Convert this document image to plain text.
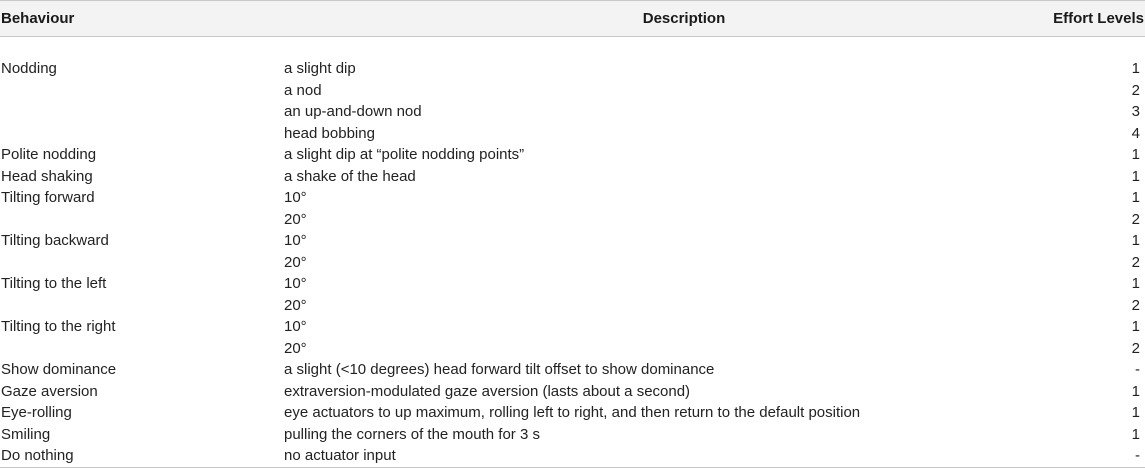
Behaviour	Description	Effort Levels

Nodding	a slight dip	1
	a nod	2
	an up-and-down nod	3
	head bobbing	4
Polite nodding	a slight dip at “polite nodding points”	1
Head shaking	a shake of the head	1
Tilting forward	10°	1
	20°	2
Tilting backward	10°	1
	20°	2
Tilting to the left	10°	1
	20°	2
Tilting to the right	10°	1
	20°	2
Show dominance	a slight (<10 degrees) head forward tilt offset to show dominance	-
Gaze aversion	extraversion-modulated gaze aversion (lasts about a second)	1
Eye-rolling	eye actuators to up maximum, rolling left to right, and then return to the default position	1
Smiling	pulling the corners of the mouth for 3 s	1
Do nothing	no actuator input	-
